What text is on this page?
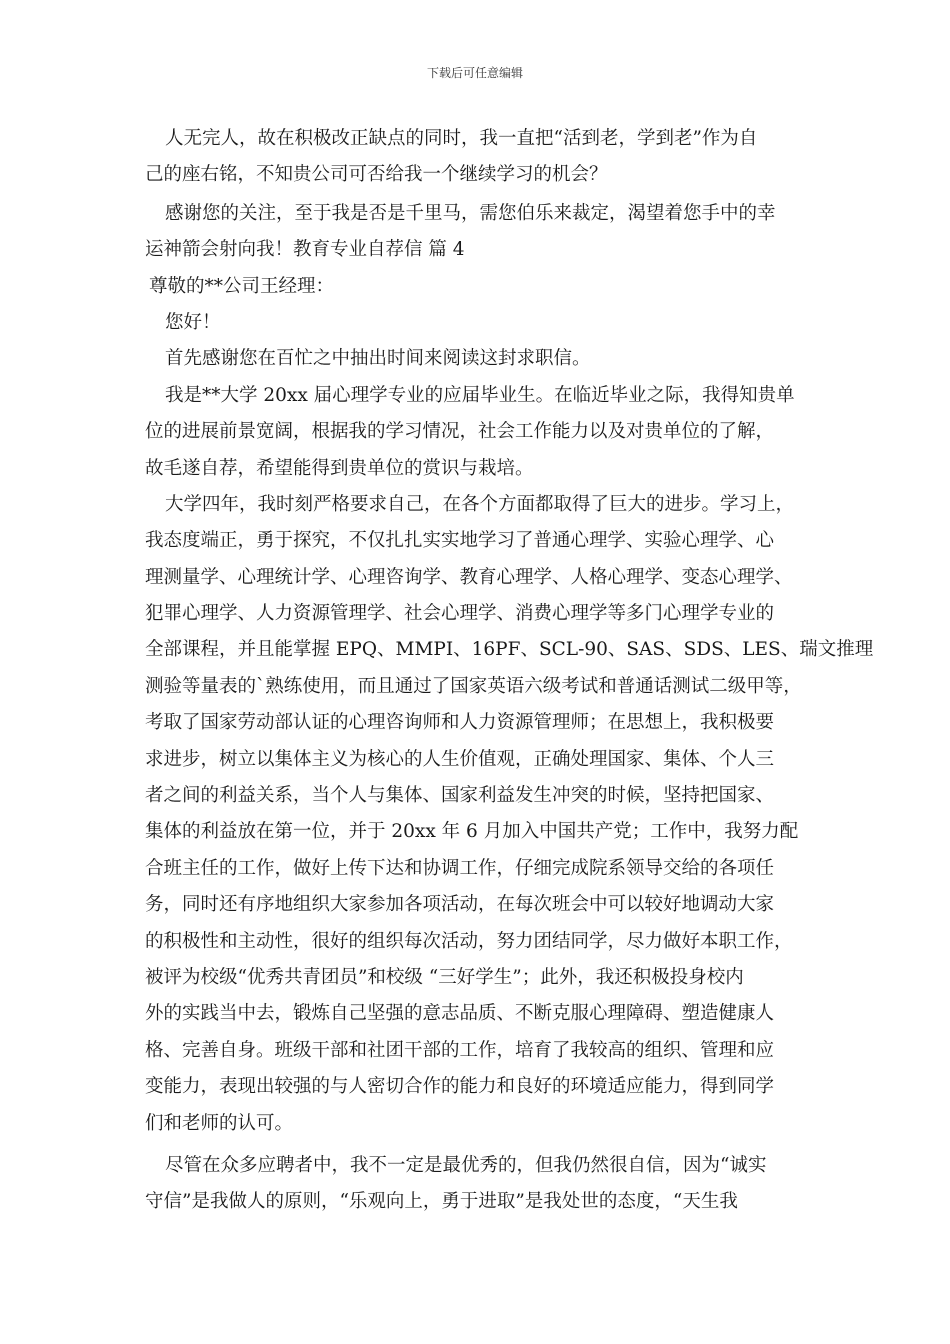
下载后可任意编辑
人无完人，故在积极改正缺点的同时，我一直把“活到老，学到老”作为自
己的座右铭，不知贵公司可否给我一个继续学习的机会？
感谢您的关注，至于我是否是千里马，需您伯乐来裁定，渴望着您手中的幸
运神箭会射向我！教育专业自荐信 篇 4
尊敬的**公司王经理：
您好！
首先感谢您在百忙之中抽出时间来阅读这封求职信。
我是**大学 20xx 届心理学专业的应届毕业生。在临近毕业之际，我得知贵单
位的进展前景宽阔，根据我的学习情况，社会工作能力以及对贵单位的了解，
故毛遂自荐，希望能得到贵单位的赏识与栽培。
大学四年，我时刻严格要求自己，在各个方面都取得了巨大的进步。学习上，
我态度端正，勇于探究，不仅扎扎实实地学习了普通心理学、实验心理学、心
理测量学、心理统计学、心理咨询学、教育心理学、人格心理学、变态心理学、
犯罪心理学、人力资源管理学、社会心理学、消费心理学等多门心理学专业的
全部课程，并且能掌握 EPQ、MMPI、16PF、SCL-90、SAS、SDS、LES、瑞文推理
测验等量表的`熟练使用，而且通过了国家英语六级考试和普通话测试二级甲等，
考取了国家劳动部认证的心理咨询师和人力资源管理师；在思想上，我积极要
求进步，树立以集体主义为核心的人生价值观，正确处理国家、集体、个人三
者之间的利益关系，当个人与集体、国家利益发生冲突的时候，坚持把国家、
集体的利益放在第一位，并于 20xx 年 6 月加入中国共产党；工作中，我努力配
合班主任的工作，做好上传下达和协调工作，仔细完成院系领导交给的各项任
务，同时还有序地组织大家参加各项活动，在每次班会中可以较好地调动大家
的积极性和主动性，很好的组织每次活动，努力团结同学，尽力做好本职工作，
被评为校级“优秀共青团员”和校级 “三好学生”；此外，我还积极投身校内
外的实践当中去，锻炼自己坚强的意志品质、不断克服心理障碍、塑造健康人
格、完善自身。班级干部和社团干部的工作，培育了我较高的组织、管理和应
变能力，表现出较强的与人密切合作的能力和良好的环境适应能力，得到同学
们和老师的认可。
尽管在众多应聘者中，我不一定是最优秀的，但我仍然很自信，因为“诚实
守信”是我做人的原则，“乐观向上，勇于进取”是我处世的态度，“天生我
